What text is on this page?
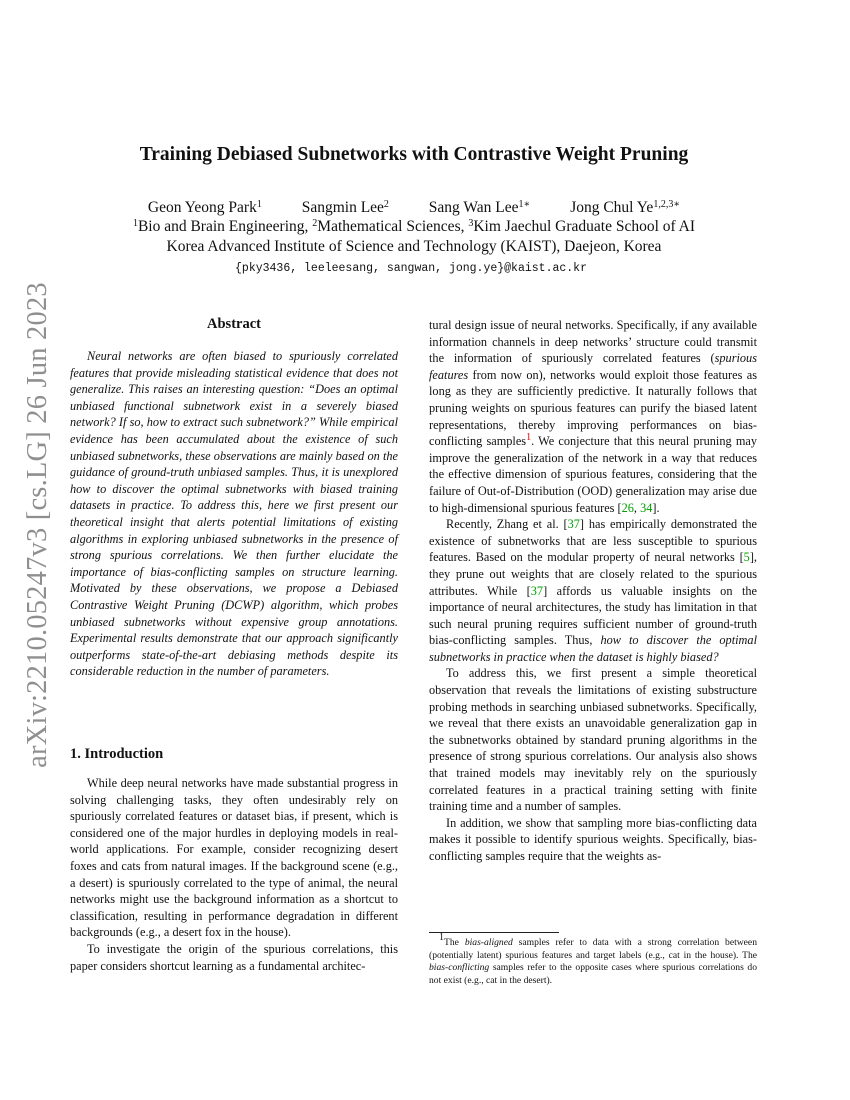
arXiv:2210.05247v3 [cs.LG] 26 Jun 2023
Training Debiased Subnetworks with Contrastive Weight Pruning
Geon Yeong Park$^1$	Sangmin Lee$^2$	Sang Wan Lee$^{1∗}$	Jong Chul $Ye^{1,2,3∗}$
$^1$Bio and Brain Engineering, $^2$Mathematical Sciences, $^3$Kim Jaechul Graduate School of AI
Korea Advanced Institute of Science and Technology (KAIST), Daejeon, Korea
{pky3436, leeleesang, sangwan, jong.ye}@kaist.ac.kr
Abstract

Neural networks are often biased to spuriously correlated features that provide misleading statistical evidence that does not generalize. This raises an interesting question: “Does an optimal unbiased functional subnetwork exist in a severely biased network? If so, how to extract such subnetwork?” While empirical evidence has been accumulated about the existence of such unbiased subnetworks, these observations are mainly based on the guidance of ground-truth unbiased samples. Thus, it is unexplored how to discover the optimal subnetworks with biased training datasets in practice. To address this, here we first present our theoretical insight that alerts potential limitations of existing algorithms in exploring unbiased subnetworks in the presence of strong spurious correlations. We then further elucidate the importance of bias-conflicting samples on structure learning. Motivated by these observations, we propose a Debiased Contrastive Weight Pruning (DCWP) algorithm, which probes unbiased subnetworks without expensive group annotations. Experimental results demonstrate that our approach significantly outperforms state-of-the-art debiasing methods despite its considerable reduction in the number of parameters.

1. Introduction

While deep neural networks have made substantial progress in solving challenging tasks, they often undesirably rely on spuriously correlated features or dataset bias, if present, which is considered one of the major hurdles in deploying models in real-world applications. For example, consider recognizing desert foxes and cats from natural images. If the background scene (e.g., a desert) is spuriously correlated to the type of animal, the neural networks might use the background information as a shortcut to classification, resulting in performance degradation in different backgrounds (e.g., a desert fox in the house).

To investigate the origin of the spurious correlations, this paper considers shortcut learning as a fundamental architec-

tural design issue of neural networks. Specifically, if any available information channels in deep networks’ structure could transmit the information of spuriously correlated features (spurious features from now on), networks would exploit those features as long as they are sufficiently predictive. It naturally follows that pruning weights on spurious features can purify the biased latent representations, thereby improving performances on bias-conflicting samples$^1$. We conjecture that this neural pruning may improve the generalization of the network in a way that reduces the effective dimension of spurious features, considering that the failure of Out-of-Distribution (OOD) generalization may arise due to high-dimensional spurious features [26, 34].

Recently, Zhang et al. [37] has empirically demonstrated the existence of subnetworks that are less susceptible to spurious features. Based on the modular property of neural networks [5], they prune out weights that are closely related to the spurious attributes. While [37] affords us valuable insights on the importance of neural architectures, the study has limitation in that such neural pruning requires sufficient number of ground-truth bias-conflicting samples. Thus, how to discover the optimal subnetworks in practice when the dataset is highly biased?

To address this, we first present a simple theoretical observation that reveals the limitations of existing substructure probing methods in searching unbiased subnetworks. Specifically, we reveal that there exists an unavoidable generalization gap in the subnetworks obtained by standard pruning algorithms in the presence of strong spurious correlations. Our analysis also shows that trained models may inevitably rely on the spuriously correlated features in a practical training setting with finite training time and a number of samples.

In addition, we show that sampling more bias-conflicting data makes it possible to identify spurious weights. Specifically, bias-conflicting samples require that the weights as-

$^1$The bias-aligned samples refer to data with a strong correlation between (potentially latent) spurious features and target labels (e.g., cat in the house). The bias-conflicting samples refer to the opposite cases where spurious correlations do not exist (e.g., cat in the desert).
